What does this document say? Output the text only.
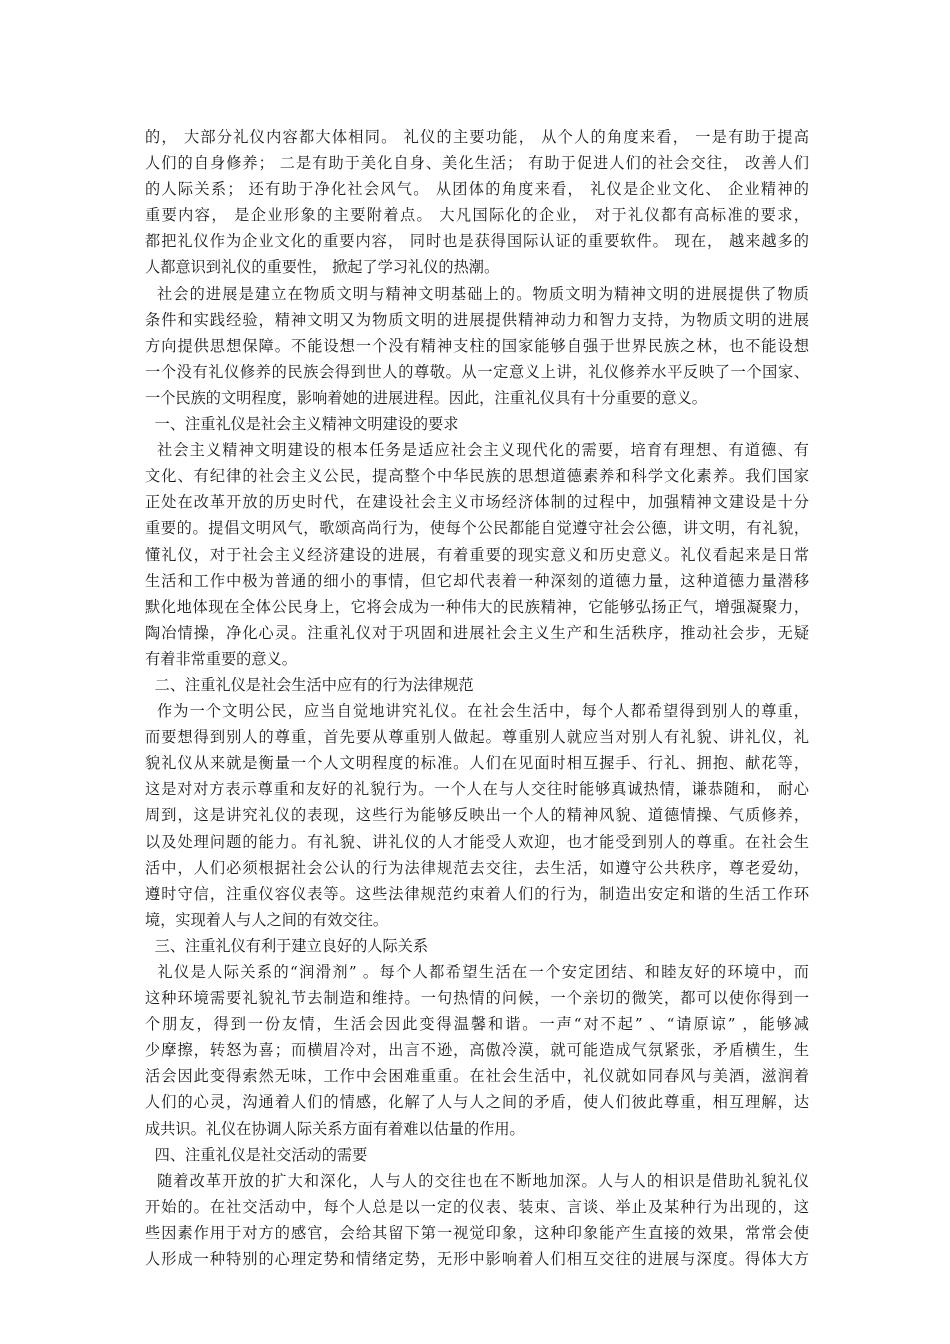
的， 大部分礼仪内容都大体相同。 礼仪的主要功能， 从个人的角度来看， 一是有助于提高
人们的自身修养； 二是有助于美化自身、美化生活； 有助于促进人们的社会交往， 改善人们
的人际关系； 还有助于净化社会风气。 从团体的角度来看， 礼仪是企业文化、 企业精神的
重要内容， 是企业形象的主要附着点。 大凡国际化的企业， 对于礼仪都有高标准的要求，
都把礼仪作为企业文化的重要内容， 同时也是获得国际认证的重要软件。 现在， 越来越多的
人都意识到礼仪的重要性， 掀起了学习礼仪的热潮。
社会的进展是建立在物质文明与精神文明基础上的。物质文明为精神文明的进展提供了物质
条件和实践经验，精神文明又为物质文明的进展提供精神动力和智力支持，为物质文明的进展
方向提供思想保障。不能设想一个没有精神支柱的国家能够自强于世界民族之林，也不能设想
一个没有礼仪修养的民族会得到世人的尊敬。从一定意义上讲，礼仪修养水平反映了一个国家、
一个民族的文明程度，影响着她的进展进程。因此，注重礼仪具有十分重要的意义。
一、注重礼仪是社会主义精神文明建设的要求
社会主义精神文明建设的根本任务是适应社会主义现代化的需要，培育有理想、有道德、有
文化、有纪律的社会主义公民，提高整个中华民族的思想道德素养和科学文化素养。我们国家
正处在改革开放的历史时代，在建设社会主义市场经济体制的过程中，加强精神文建设是十分
重要的。提倡文明风气，歌颂高尚行为，使每个公民都能自觉遵守社会公德，讲文明，有礼貌，
懂礼仪，对于社会主义经济建设的进展，有着重要的现实意义和历史意义。礼仪看起来是日常
生活和工作中极为普通的细小的事情，但它却代表着一种深刻的道德力量，这种道德力量潜移
默化地体现在全体公民身上，它将会成为一种伟大的民族精神，它能够弘扬正气，增强凝聚力，
陶冶情操，净化心灵。注重礼仪对于巩固和进展社会主义生产和生活秩序，推动社会步，无疑
有着非常重要的意义。
二、注重礼仪是社会生活中应有的行为法律规范
作为一个文明公民，应当自觉地讲究礼仪。在社会生活中，每个人都希望得到别人的尊重，
而要想得到别人的尊重，首先要从尊重别人做起。尊重别人就应当对别人有礼貌、讲礼仪，礼
貌礼仪从来就是衡量一个人文明程度的标准。人们在见面时相互握手、行礼、拥抱、献花等，
这是对对方表示尊重和友好的礼貌行为。一个人在与人交往时能够真诚热情，谦恭随和， 耐心
周到，这是讲究礼仪的表现，这些行为能够反映出一个人的精神风貌、道德情操、气质修养，
以及处理问题的能力。有礼貌、讲礼仪的人才能受人欢迎，也才能受到别人的尊重。在社会生
活中，人们必须根据社会公认的行为法律规范去交往，去生活，如遵守公共秩序，尊老爱幼，
遵时守信，注重仪容仪表等。这些法律规范约束着人们的行为，制造出安定和谐的生活工作环
境，实现着人与人之间的有效交往。
三、注重礼仪有利于建立良好的人际关系
礼仪是人际关系的“润滑剂” 。每个人都希望生活在一个安定团结、和睦友好的环境中，而
这种环境需要礼貌礼节去制造和维持。一句热情的问候，一个亲切的微笑，都可以使你得到一
个朋友，得到一份友情，生活会因此变得温馨和谐。一声“对不起” 、“请原谅” ，能够减
少摩擦，转怒为喜；而横眉冷对，出言不逊，高傲冷漠，就可能造成气氛紧张，矛盾横生，生
活会因此变得索然无味，工作中会困难重重。在社会生活中，礼仪就如同春风与美酒，滋润着
人们的心灵，沟通着人们的情感，化解了人与人之间的矛盾，使人们彼此尊重，相互理解，达
成共识。礼仪在协调人际关系方面有着难以估量的作用。
四、注重礼仪是社交活动的需要
随着改革开放的扩大和深化，人与人的交往也在不断地加深。人与人的相识是借助礼貌礼仪
开始的。在社交活动中，每个人总是以一定的仪表、装束、言谈、举止及某种行为出现的，这
些因素作用于对方的感官，会给其留下第一视觉印象，这种印象能产生直接的效果，常常会使
人形成一种特别的心理定势和情绪定势，无形中影响着人们相互交往的进展与深度。得体大方
